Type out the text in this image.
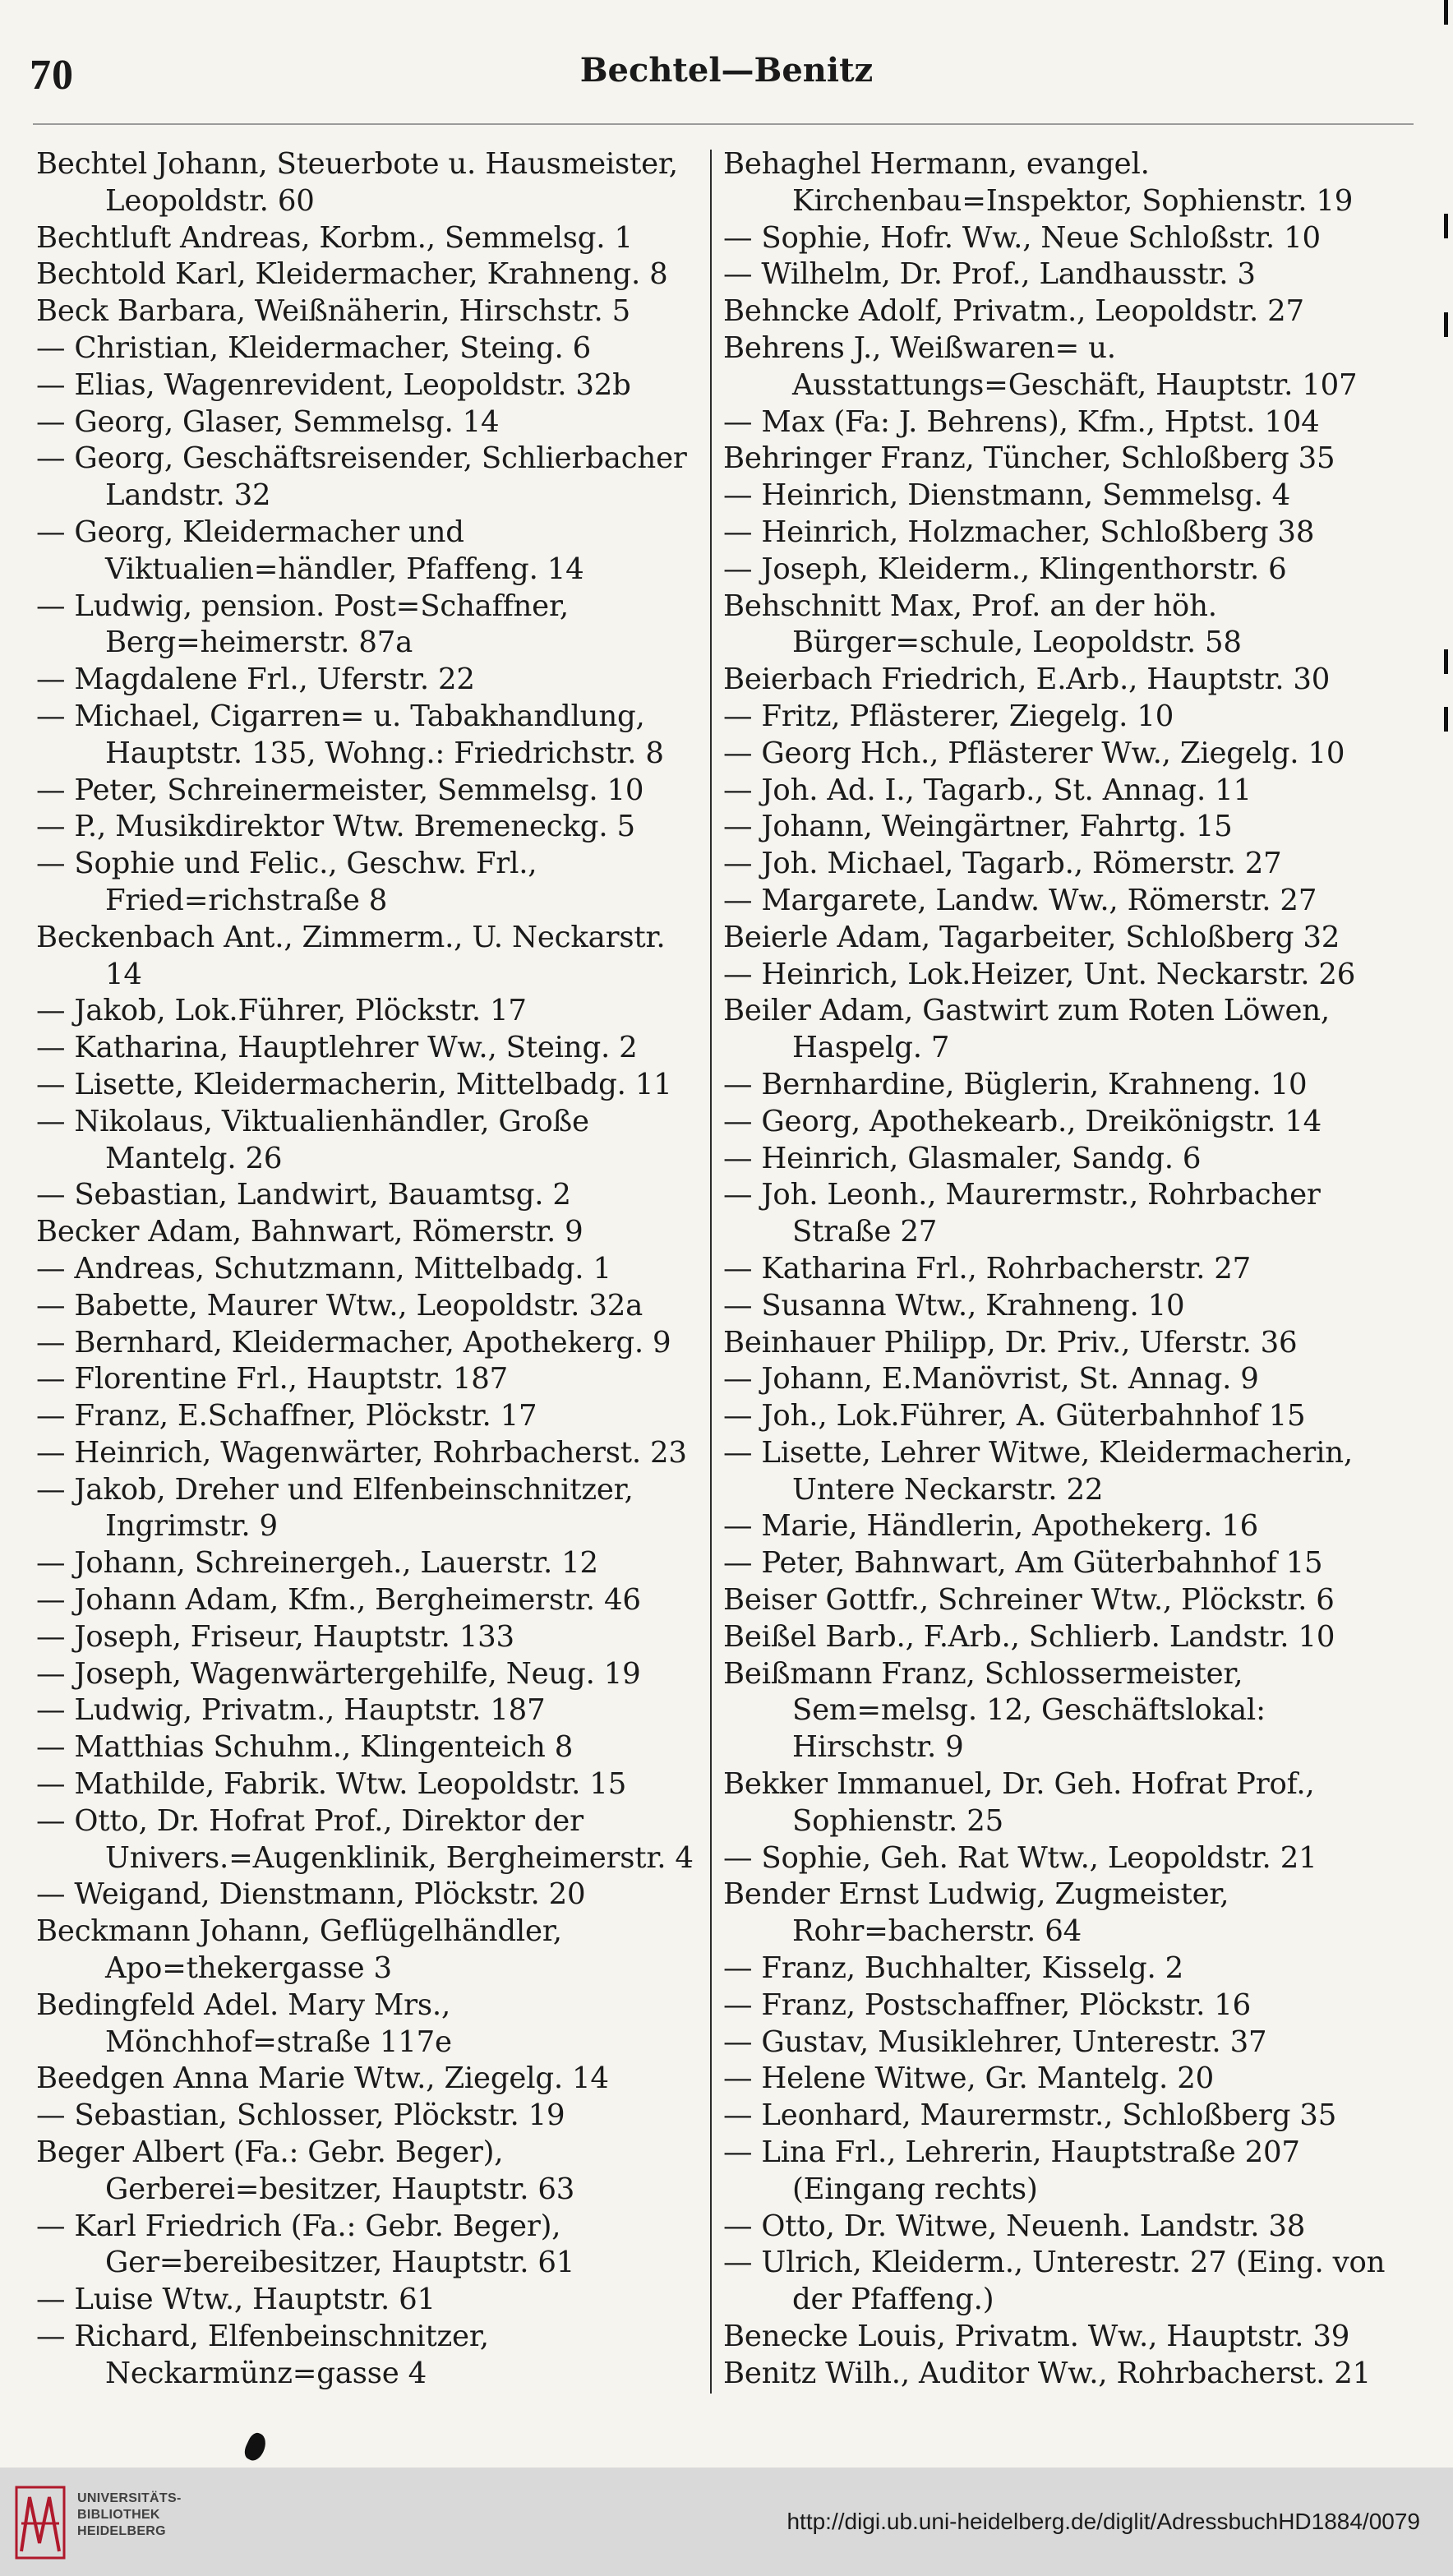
70	Bechtel—Benitz
Bechtel Johann, Steuerbote u. Hausmeister, Leopoldstr. 60
Bechtluft Andreas, Korbm., Semmelsg. 1
Bechtold Karl, Kleidermacher, Krahneng. 8
Beck Barbara, Weißnäherin, Hirschstr. 5
— Christian, Kleidermacher, Steing. 6
— Elias, Wagenrevident, Leopoldstr. 32b
— Georg, Glaser, Semmelsg. 14
— Georg, Geschäftsreisender, Schlierbacher Landstr. 32
— Georg, Kleidermacher und Viktualien=händler, Pfaffeng. 14
— Ludwig, pension. Post=Schaffner, Berg=heimerstr. 87a
— Magdalene Frl., Uferstr. 22
— Michael, Cigarren= u. Tabakhandlung, Hauptstr. 135, Wohng.: Friedrichstr. 8
— Peter, Schreinermeister, Semmelsg. 10
— P., Musikdirektor Wtw. Bremeneckg. 5
— Sophie und Felic., Geschw. Frl., Fried=richstraße 8
Beckenbach Ant., Zimmerm., U. Neckarstr. 14
— Jakob, Lok.Führer, Plöckstr. 17
— Katharina, Hauptlehrer Ww., Steing. 2
— Lisette, Kleidermacherin, Mittelbadg. 11
— Nikolaus, Viktualienhändler, Große Mantelg. 26
— Sebastian, Landwirt, Bauamtsg. 2
Becker Adam, Bahnwart, Römerstr. 9
— Andreas, Schutzmann, Mittelbadg. 1
— Babette, Maurer Wtw., Leopoldstr. 32a
— Bernhard, Kleidermacher, Apothekerg. 9
— Florentine Frl., Hauptstr. 187
— Franz, E.Schaffner, Plöckstr. 17
— Heinrich, Wagenwärter, Rohrbacherst. 23
— Jakob, Dreher und Elfenbeinschnitzer, Ingrimstr. 9
— Johann, Schreinergeh., Lauerstr. 12
— Johann Adam, Kfm., Bergheimerstr. 46
— Joseph, Friseur, Hauptstr. 133
— Joseph, Wagenwärtergehilfe, Neug. 19
— Ludwig, Privatm., Hauptstr. 187
— Matthias Schuhm., Klingenteich 8
— Mathilde, Fabrik. Wtw. Leopoldstr. 15
— Otto, Dr. Hofrat Prof., Direktor der Univers.=Augenklinik, Bergheimerstr. 4
— Weigand, Dienstmann, Plöckstr. 20
Beckmann Johann, Geflügelhändler, Apo=thekergasse 3
Bedingfeld Adel. Mary Mrs., Mönchhof=straße 117e
Beedgen Anna Marie Wtw., Ziegelg. 14
— Sebastian, Schlosser, Plöckstr. 19
Beger Albert (Fa.: Gebr. Beger), Gerberei=besitzer, Hauptstr. 63
— Karl Friedrich (Fa.: Gebr. Beger), Ger=bereibesitzer, Hauptstr. 61
— Luise Wtw., Hauptstr. 61
— Richard, Elfenbeinschnitzer, Neckarmünz=gasse 4
Behaghel Hermann, evangel. Kirchenbau=Inspektor, Sophienstr. 19
— Sophie, Hofr. Ww., Neue Schloßstr. 10
— Wilhelm, Dr. Prof., Landhausstr. 3
Behncke Adolf, Privatm., Leopoldstr. 27
Behrens J., Weißwaren= u. Ausstattungs=Geschäft, Hauptstr. 107
— Max (Fa: J. Behrens), Kfm., Hptst. 104
Behringer Franz, Tüncher, Schloßberg 35
— Heinrich, Dienstmann, Semmelsg. 4
— Heinrich, Holzmacher, Schloßberg 38
— Joseph, Kleiderm., Klingenthorstr. 6
Behschnitt Max, Prof. an der höh. Bürger=schule, Leopoldstr. 58
Beierbach Friedrich, E.Arb., Hauptstr. 30
— Fritz, Pflästerer, Ziegelg. 10
— Georg Hch., Pflästerer Ww., Ziegelg. 10
— Joh. Ad. I., Tagarb., St. Annag. 11
— Johann, Weingärtner, Fahrtg. 15
— Joh. Michael, Tagarb., Römerstr. 27
— Margarete, Landw. Ww., Römerstr. 27
Beierle Adam, Tagarbeiter, Schloßberg 32
— Heinrich, Lok.Heizer, Unt. Neckarstr. 26
Beiler Adam, Gastwirt zum Roten Löwen, Haspelg. 7
— Bernhardine, Büglerin, Krahneng. 10
— Georg, Apothekearb., Dreikönigstr. 14
— Heinrich, Glasmaler, Sandg. 6
— Joh. Leonh., Maurermstr., Rohrbacher Straße 27
— Katharina Frl., Rohrbacherstr. 27
— Susanna Wtw., Krahneng. 10
Beinhauer Philipp, Dr. Priv., Uferstr. 36
— Johann, E.Manövrist, St. Annag. 9
— Joh., Lok.Führer, A. Güterbahnhof 15
— Lisette, Lehrer Witwe, Kleidermacherin, Untere Neckarstr. 22
— Marie, Händlerin, Apothekerg. 16
— Peter, Bahnwart, Am Güterbahnhof 15
Beiser Gottfr., Schreiner Wtw., Plöckstr. 6
Beißel Barb., F.Arb., Schlierb. Landstr. 10
Beißmann Franz, Schlossermeister, Sem=melsg. 12, Geschäftslokal: Hirschstr. 9
Bekker Immanuel, Dr. Geh. Hofrat Prof., Sophienstr. 25
— Sophie, Geh. Rat Wtw., Leopoldstr. 21
Bender Ernst Ludwig, Zugmeister, Rohr=bacherstr. 64
— Franz, Buchhalter, Kisselg. 2
— Franz, Postschaffner, Plöckstr. 16
— Gustav, Musiklehrer, Unterestr. 37
— Helene Witwe, Gr. Mantelg. 20
— Leonhard, Maurermstr., Schloßberg 35
— Lina Frl., Lehrerin, Hauptstraße 207 (Eingang rechts)
— Otto, Dr. Witwe, Neuenh. Landstr. 38
— Ulrich, Kleiderm., Unterestr. 27 (Eing. von der Pfaffeng.)
Benecke Louis, Privatm. Ww., Hauptstr. 39
Benitz Wilh., Auditor Ww., Rohrbacherst. 21
UNIVERSITÄTS-
BIBLIOTHEK
HEIDELBERG	http://digi.ub.uni-heidelberg.de/diglit/AdressbuchHD1884/0079
